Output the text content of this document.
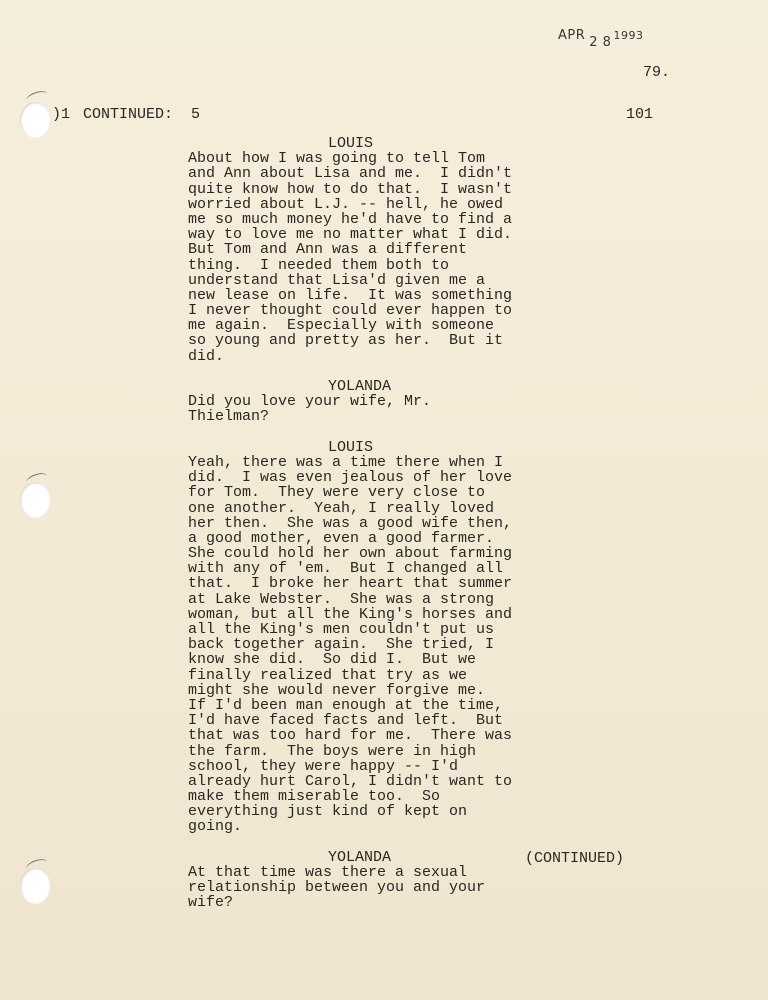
APR 2 8 1993
79.
)1 CONTINUED:  5	101
LOUIS
About how I was going to tell Tom
and Ann about Lisa and me.  I didn't
quite know how to do that.  I wasn't
worried about L.J. -- hell, he owed
me so much money he'd have to find a
way to love me no matter what I did.
But Tom and Ann was a different
thing.  I needed them both to
understand that Lisa'd given me a
new lease on life.  It was something
I never thought could ever happen to
me again.  Especially with someone
so young and pretty as her.  But it
did.
YOLANDA
Did you love your wife, Mr.
Thielman?
LOUIS
Yeah, there was a time there when I
did.  I was even jealous of her love
for Tom.  They were very close to
one another.  Yeah, I really loved
her then.  She was a good wife then,
a good mother, even a good farmer.
She could hold her own about farming
with any of 'em.  But I changed all
that.  I broke her heart that summer
at Lake Webster.  She was a strong
woman, but all the King's horses and
all the King's men couldn't put us
back together again.  She tried, I
know she did.  So did I.  But we
finally realized that try as we
might she would never forgive me.
If I'd been man enough at the time,
I'd have faced facts and left.  But
that was too hard for me.  There was
the farm.  The boys were in high
school, they were happy -- I'd
already hurt Carol, I didn't want to
make them miserable too.  So
everything just kind of kept on
going.
YOLANDA
At that time was there a sexual
relationship between you and your
wife?
(CONTINUED)
